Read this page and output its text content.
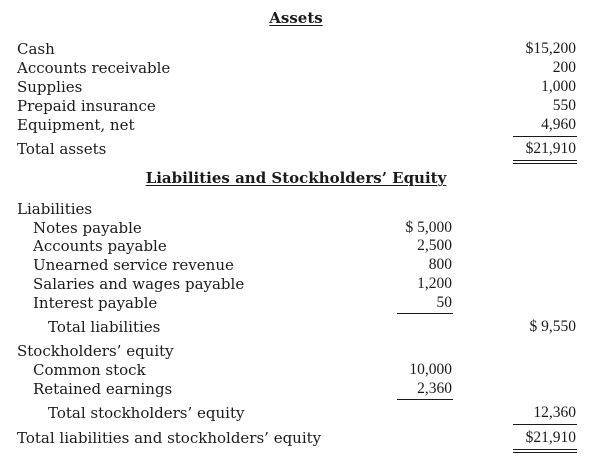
Assets
Cash	$15,200
Accounts receivable	200
Supplies	1,000
Prepaid insurance	550
Equipment, net	4,960
Total assets	$21,910
Liabilities and Stockholders’ Equity
Liabilities
Notes payable	$ 5,000
Accounts payable	2,500
Unearned service revenue	800
Salaries and wages payable	1,200
Interest payable	50
Total liabilities	$ 9,550
Stockholders’ equity
Common stock	10,000
Retained earnings	2,360
Total stockholders’ equity	12,360
Total liabilities and stockholders’ equity	$21,910
